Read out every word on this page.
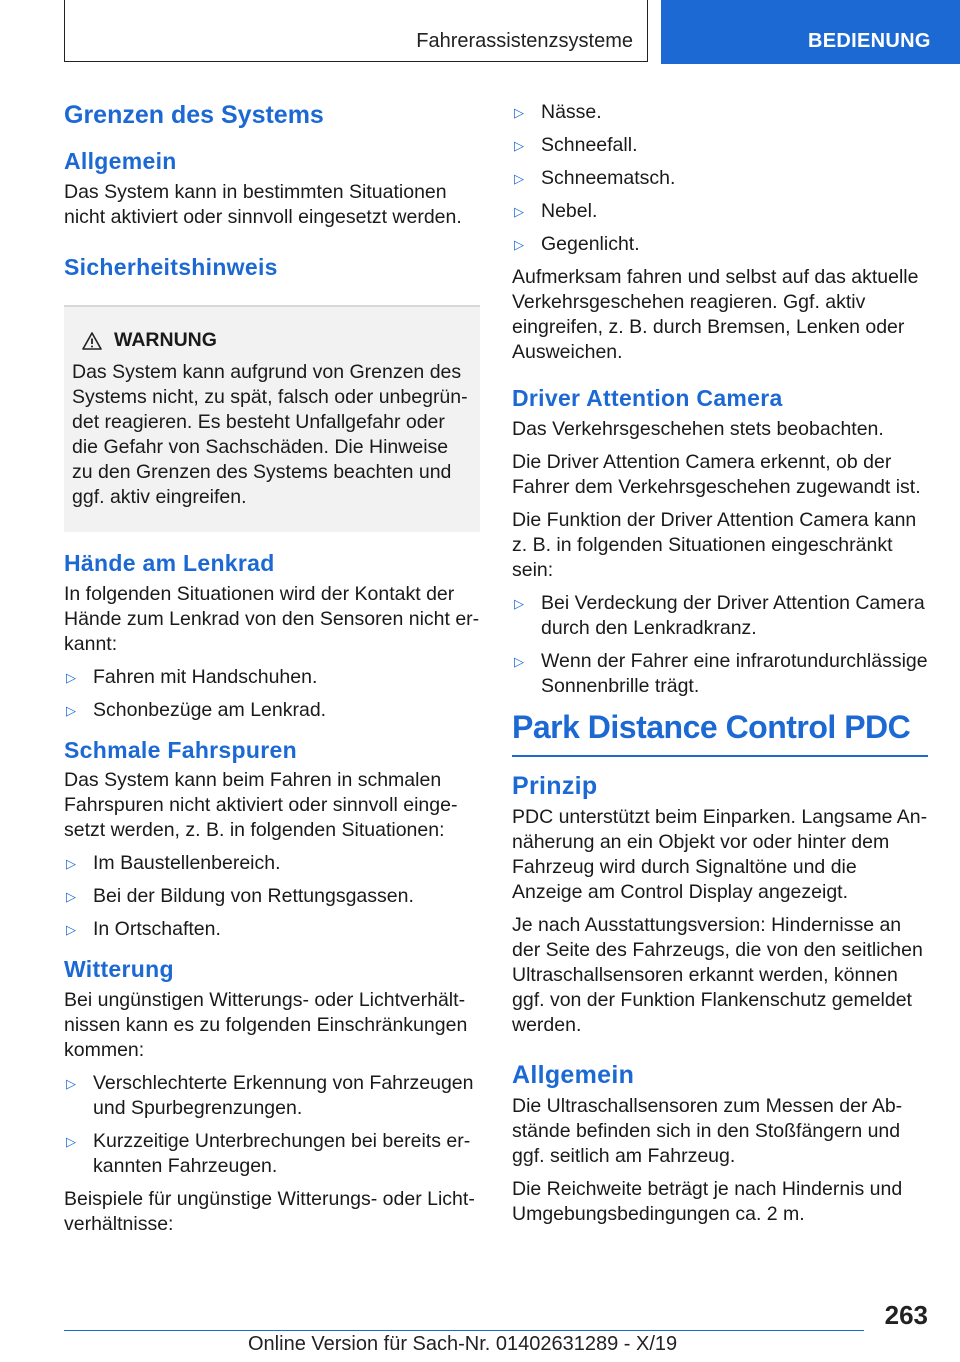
Fahrerassistenzsysteme	BEDIENUNG
Grenzen des Systems
Allgemein

Das System kann in bestimmten Situationen nicht aktiviert oder sinnvoll eingesetzt werden.

Sicherheitshinweis
WARNUNG

Das System kann aufgrund von Grenzen des Systems nicht, zu spät, falsch oder unbegründet reagieren. Es besteht Unfallgefahr oder die Gefahr von Sachschäden. Die Hinweise zu den Grenzen des Systems beachten und ggf. aktiv eingreifen.

Hände am Lenkrad

In folgenden Situationen wird der Kontakt der Hände zum Lenkrad von den Sensoren nicht erkannt:

▷ Fahren mit Handschuhen.
▷ Schonbezüge am Lenkrad.
Schmale Fahrspuren

Das System kann beim Fahren in schmalen Fahrspuren nicht aktiviert oder sinnvoll eingesetzt werden, z. B. in folgenden Situationen:

▷ Im Baustellenbereich.
▷ Bei der Bildung von Rettungsgassen.
▷ In Ortschaften.
Witterung

Bei ungünstigen Witterungs- oder Lichtverhältnissen kann es zu folgenden Einschränkungen kommen:

▷ Verschlechterte Erkennung von Fahrzeugen und Spurbegrenzungen.
▷ Kurzzeitige Unterbrechungen bei bereits erkannten Fahrzeugen.

Beispiele für ungünstige Witterungs- oder Lichtverhältnisse:

▷ Nässe.
▷ Schneefall.
▷ Schneematsch.
▷ Nebel.
▷ Gegenlicht.

Aufmerksam fahren und selbst auf das aktuelle Verkehrsgeschehen reagieren. Ggf. aktiv eingreifen, z. B. durch Bremsen, Lenken oder Ausweichen.

Driver Attention Camera

Das Verkehrsgeschehen stets beobachten.

Die Driver Attention Camera erkennt, ob der Fahrer dem Verkehrsgeschehen zugewandt ist.

Die Funktion der Driver Attention Camera kann z. B. in folgenden Situationen eingeschränkt sein:

▷ Bei Verdeckung der Driver Attention Camera durch den Lenkradkranz.
▷ Wenn der Fahrer eine infrarotundurchlässige Sonnenbrille trägt.
Park Distance Control PDC
Prinzip

PDC unterstützt beim Einparken. Langsame Annäherung an ein Objekt vor oder hinter dem Fahrzeug wird durch Signaltöne und die Anzeige am Control Display angezeigt.

Je nach Ausstattungsversion: Hindernisse an der Seite des Fahrzeugs, die von den seitlichen Ultraschallsensoren erkannt werden, können ggf. von der Funktion Flankenschutz gemeldet werden.

Allgemein

Die Ultraschallsensoren zum Messen der Abstände befinden sich in den Stoßfängern und ggf. seitlich am Fahrzeug.

Die Reichweite beträgt je nach Hindernis und Umgebungsbedingungen ca. 2 m.

263
Online Version für Sach-Nr. 01402631289 - X/19
